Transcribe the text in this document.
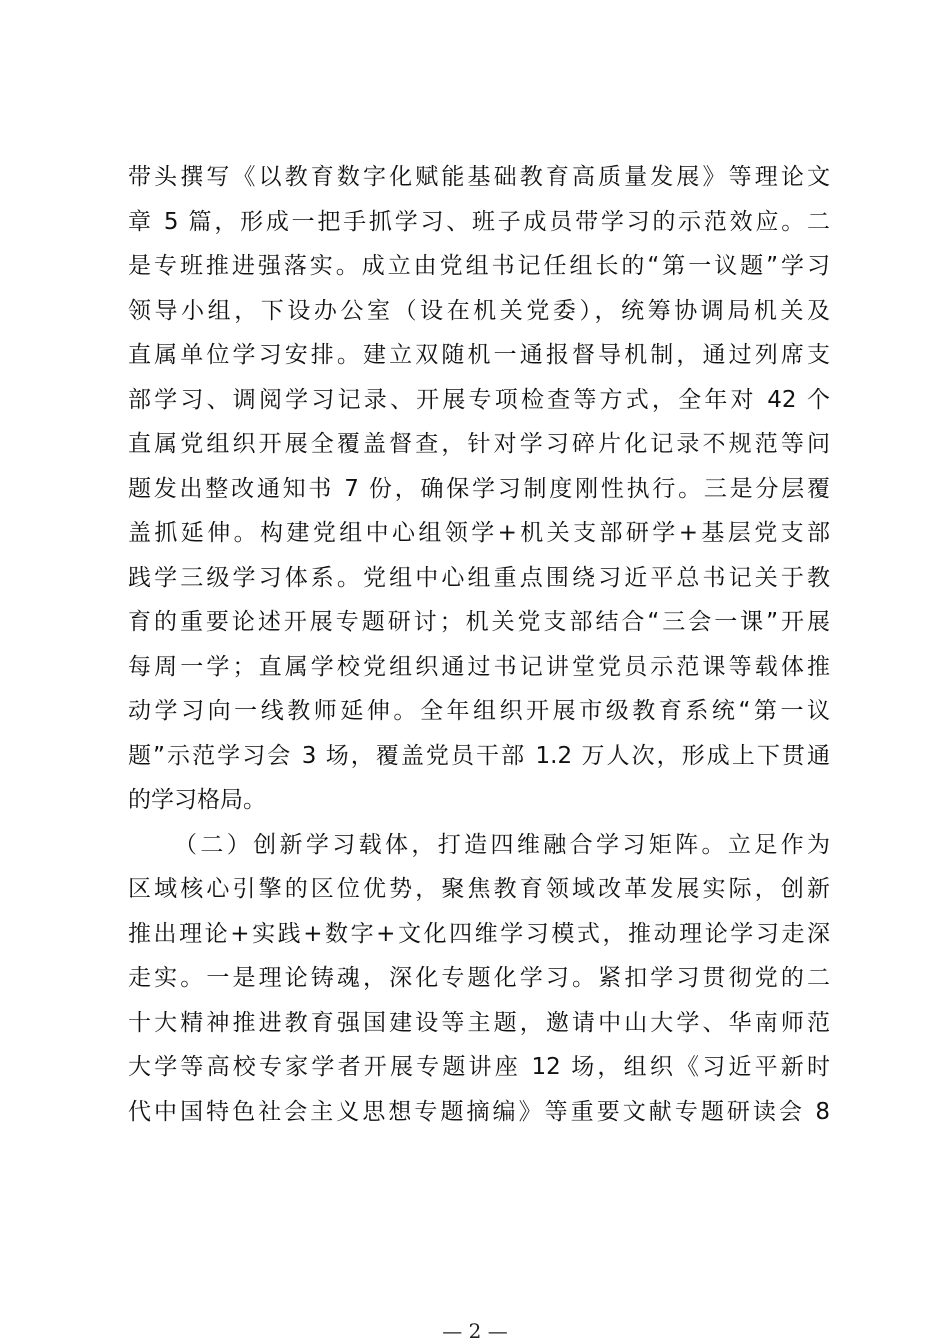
带头撰写《以教育数字化赋能基础教育高质量发展》等理论文
章 5 篇，形成一把手抓学习、班子成员带学习的示范效应。二
是专班推进强落实。成立由党组书记任组长的“第一议题”学习
领导小组，下设办公室（设在机关党委），统筹协调局机关及
直属单位学习安排。建立双随机一通报督导机制，通过列席支
部学习、调阅学习记录、开展专项检查等方式，全年对 42 个
直属党组织开展全覆盖督查，针对学习碎片化记录不规范等问
题发出整改通知书 7 份，确保学习制度刚性执行。三是分层覆
盖抓延伸。构建党组中心组领学+机关支部研学+基层党支部
践学三级学习体系。党组中心组重点围绕习近平总书记关于教
育的重要论述开展专题研讨；机关党支部结合“三会一课”开展
每周一学；直属学校党组织通过书记讲堂党员示范课等载体推
动学习向一线教师延伸。全年组织开展市级教育系统“第一议
题”示范学习会 3 场，覆盖党员干部 1.2 万人次，形成上下贯通
的学习格局。
（二）创新学习载体，打造四维融合学习矩阵。立足作为
区域核心引擎的区位优势，聚焦教育领域改革发展实际，创新
推出理论+实践+数字+文化四维学习模式，推动理论学习走深
走实。一是理论铸魂，深化专题化学习。紧扣学习贯彻党的二
十大精神推进教育强国建设等主题，邀请中山大学、华南师范
大学等高校专家学者开展专题讲座 12 场，组织《习近平新时
代中国特色社会主义思想专题摘编》等重要文献专题研读会 8
— 2 —
